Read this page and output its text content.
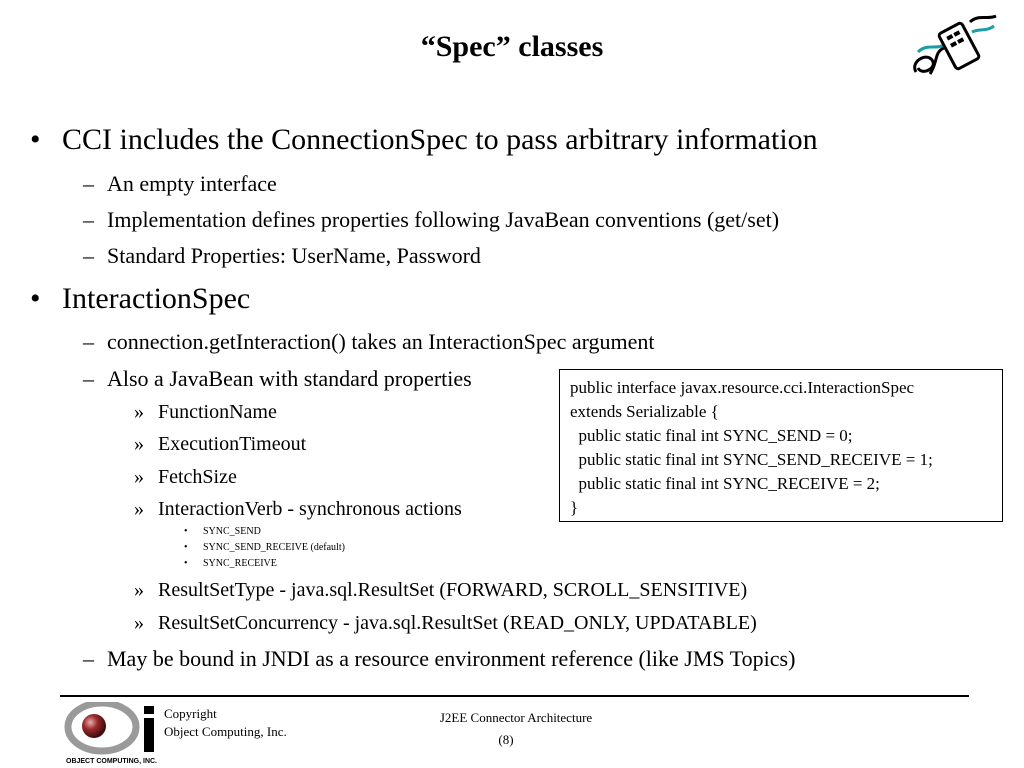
“Spec” classes
• CCI includes the ConnectionSpec to pass arbitrary information
– An empty interface
– Implementation defines properties following JavaBean conventions (get/set)
– Standard Properties: UserName, Password
• InteractionSpec
– connection.getInteraction() takes an InteractionSpec argument
– Also a JavaBean with standard properties
» FunctionName
» ExecutionTimeout
» FetchSize
» InteractionVerb - synchronous actions
• SYNC_SEND
• SYNC_SEND_RECEIVE (default)
• SYNC_RECEIVE
» ResultSetType - java.sql.ResultSet (FORWARD, SCROLL_SENSITIVE)
» ResultSetConcurrency - java.sql.ResultSet (READ_ONLY, UPDATABLE)
– May be bound in JNDI as a resource environment reference (like JMS Topics)
public interface javax.resource.cci.InteractionSpec
extends Serializable {
public static final int SYNC_SEND = 0;
public static final int SYNC_SEND_RECEIVE = 1;
public static final int SYNC_RECEIVE = 2;
}
OBJECT COMPUTING, INC.
Copyright
Object Computing, Inc.
J2EE Connector Architecture
(8)
